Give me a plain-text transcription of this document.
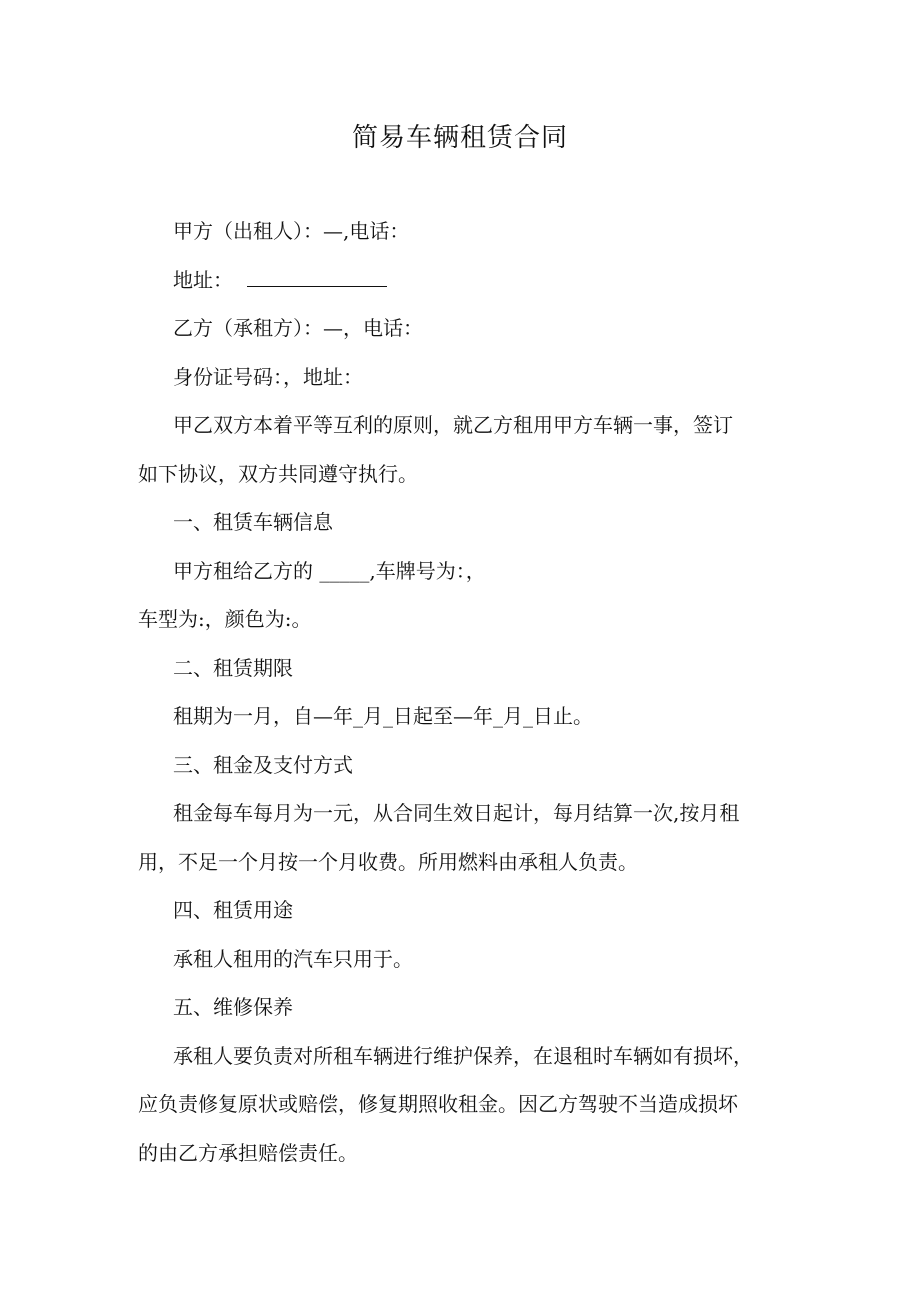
简易车辆租赁合同
甲方（出租人）：—,电话：
地址：
乙方（承租方）：—，电话：
身份证号码：，地址：
甲乙双方本着平等互利的原则，就乙方租用甲方车辆一事，签订
如下协议，双方共同遵守执行。
一、租赁车辆信息
甲方租给乙方的 _____,车牌号为：，
车型为:，颜色为:。
二、租赁期限
租期为一月，自—年_月_日起至—年_月_日止。
三、租金及支付方式
租金每车每月为一元，从合同生效日起计，每月结算一次,按月租
用，不足一个月按一个月收费。所用燃料由承租人负责。
四、租赁用途
承租人租用的汽车只用于。
五、维修保养
承租人要负责对所租车辆进行维护保养，在退租时车辆如有损坏，
应负责修复原状或赔偿，修复期照收租金。因乙方驾驶不当造成损坏
的由乙方承担赔偿责任。
